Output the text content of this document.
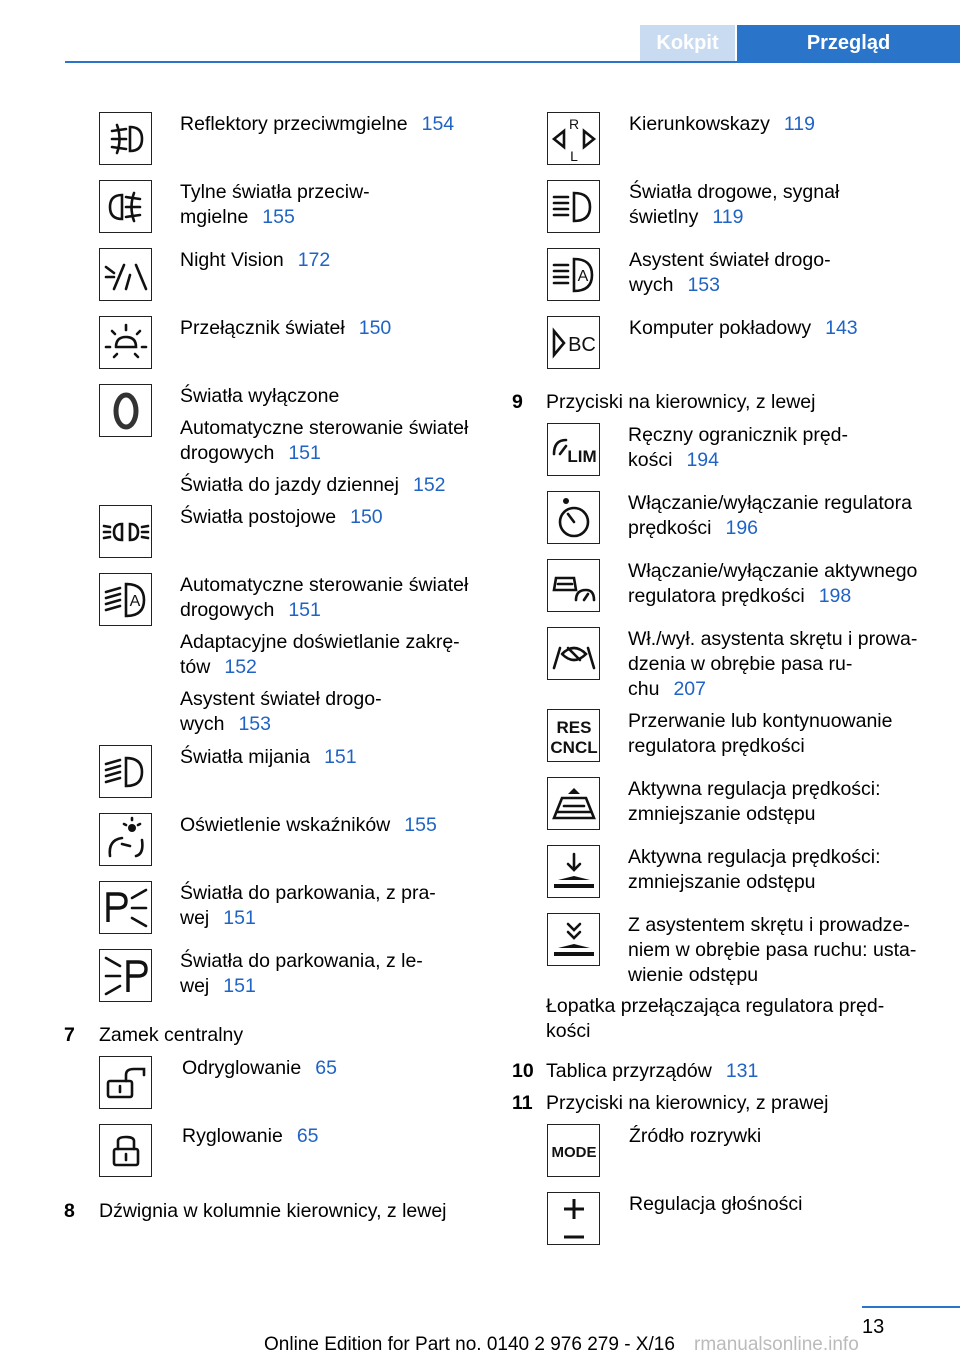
Kokpit	Przegląd
Reflektory przeciwmgielne 154
Tylne światła przeciw-
mgielne 155
Night Vision 172
Przełącznik świateł 150

Światła wyłączone

Automatyczne sterowanie świateł
drogowych 151

Światła do jazdy dziennej 152

Światła postojowe 150
A

Automatyczne sterowanie świateł
drogowych 151

Adaptacyjne doświetlanie zakrę-
tów 152

Asystent świateł drogo-
wych 153

Światła mijania 151
Oświetlenie wskaźników 155
Światła do parkowania, z pra-
wej 151
Światła do parkowania, z le-
wej 151
7 Zamek centralny
Odryglowanie 65
Ryglowanie 65
8 Dźwignia w kolumnie kierownicy, z lewej
R
L
Kierunkowskazy 119
Światła drogowe, sygnał
świetlny 119
A
Asystent świateł drogo-
wych 153
BC
Komputer pokładowy 143
9 Przyciski na kierownicy, z lewej
LIM
Ręczny ogranicznik pręd-
kości 194
Włączanie/wyłączanie regulatora
prędkości 196
Włączanie/wyłączanie aktywnego
regulatora prędkości 198
Wł./wył. asystenta skrętu i prowa-
dzenia w obrębie pasa ru-
chu 207
RES
CNCL
Przerwanie lub kontynuowanie
regulatora prędkości
Aktywna regulacja prędkości:
zmniejszanie odstępu
Aktywna regulacja prędkości:
zmniejszanie odstępu
Z asystentem skrętu i prowadze-
niem w obrębie pasa ruchu: usta-
wienie odstępu
Łopatka przełączająca regulatora pręd-
kości
10 Tablica przyrządów 131
11 Przyciski na kierownicy, z prawej
MODE
Źródło rozrywki
Regulacja głośności
13
Online Edition for Part no. 0140 2 976 279 - X/16 rmanualsonline.info
